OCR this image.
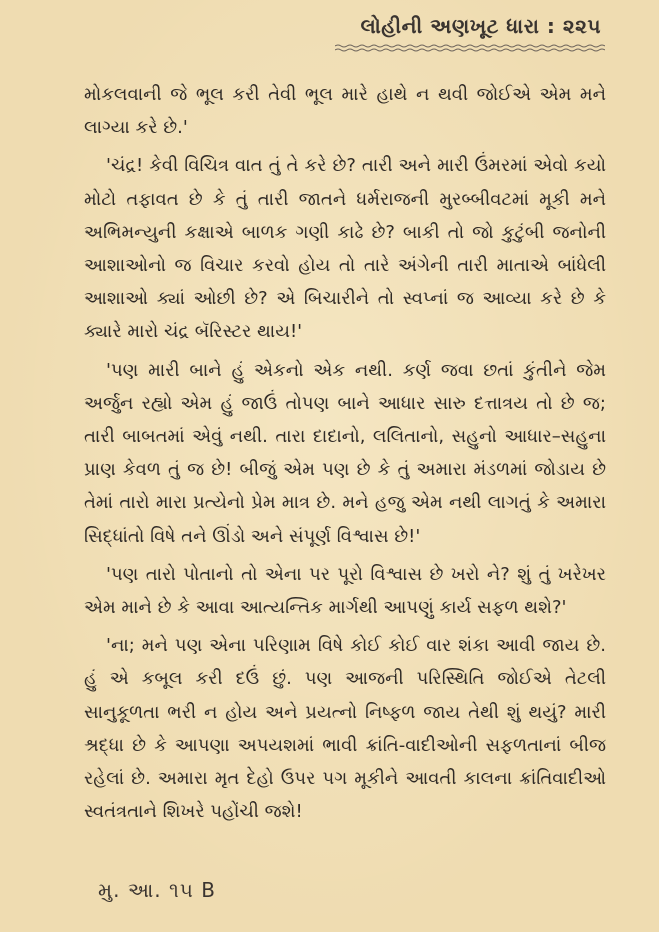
લોહીની અણખૂટ ધારા : ૨૨૫

મોકલવાની જે ભૂલ કરી તેવી ભૂલ મારે હાથે ન થવી જોઈએ એમ મને લાગ્યા કરે છે.'

'ચંદ્ર! કેવી વિચિત્ર વાત તું તે કરે છે? તારી અને મારી ઉંમરમાં એવો કયો મોટો તફાવત છે કે તું તારી જાતને ધર્મરાજની મુરબ્બીવટમાં મૂકી મને અભિમન્યુની કક્ષાએ બાળક ગણી કાઢે છે? બાકી તો જો કુટુંબી જનોની આશાઓનો જ વિચાર કરવો હોય તો તારે અંગેની તારી માતાએ બાંધેલી આશાઓ ક્યાં ઓછી છે? એ બિચારીને તો સ્વપ્નાં જ આવ્યા કરે છે કે ક્યારે મારો ચંદ્ર બૅરિસ્ટર થાય!'

'પણ મારી બાને હું એકનો એક નથી. કર્ણ જવા છતાં કુંતીને જેમ અર્જુન રહ્યો એમ હું જાઉં તોપણ બાને આધાર સારુ દત્તાત્રય તો છે જ; તારી બાબતમાં એવું નથી. તારા દાદાનો, લલિતાનો, સહુનો આધાર–સહુના પ્રાણ કેવળ તું જ છે! બીજું એમ પણ છે કે તું અમારા મંડળમાં જોડાય છે તેમાં તારો મારા પ્રત્યેનો પ્રેમ માત્ર છે. મને હજુ એમ નથી લાગતું કે અમારા સિદ્ધાંતો વિષે તને ઊંડો અને સંપૂર્ણ વિશ્વાસ છે!'

'પણ તારો પોતાનો તો એના પર પૂરો વિશ્વાસ છે ખરો ને? શું તું ખરેખર એમ માને છે કે આવા આત્યન્તિક માર્ગથી આપણું કાર્ય સફળ થશે?'

'ના; મને પણ એના પરિણામ વિષે કોઈ કોઈ વાર શંકા આવી જાય છે. હું એ કબૂલ કરી દઉં છું. પણ આજની પરિસ્થિતિ જોઈએ તેટલી સાનુકૂળતા ભરી ન હોય અને પ્રયત્નો નિષ્ફળ જાય તેથી શું થયું? મારી શ્રદ્ધા છે કે આપણા અપયશમાં ભાવી ક્રાંતિ-વાદીઓની સફળતાનાં બીજ રહેલાં છે. અમારા મૃત દેહો ઉપર પગ મૂકીને આવતી કાલના ક્રાંતિવાદીઓ સ્વતંત્રતાને શિખરે પહોંચી જશે!

મુ. આ. ૧૫ B
